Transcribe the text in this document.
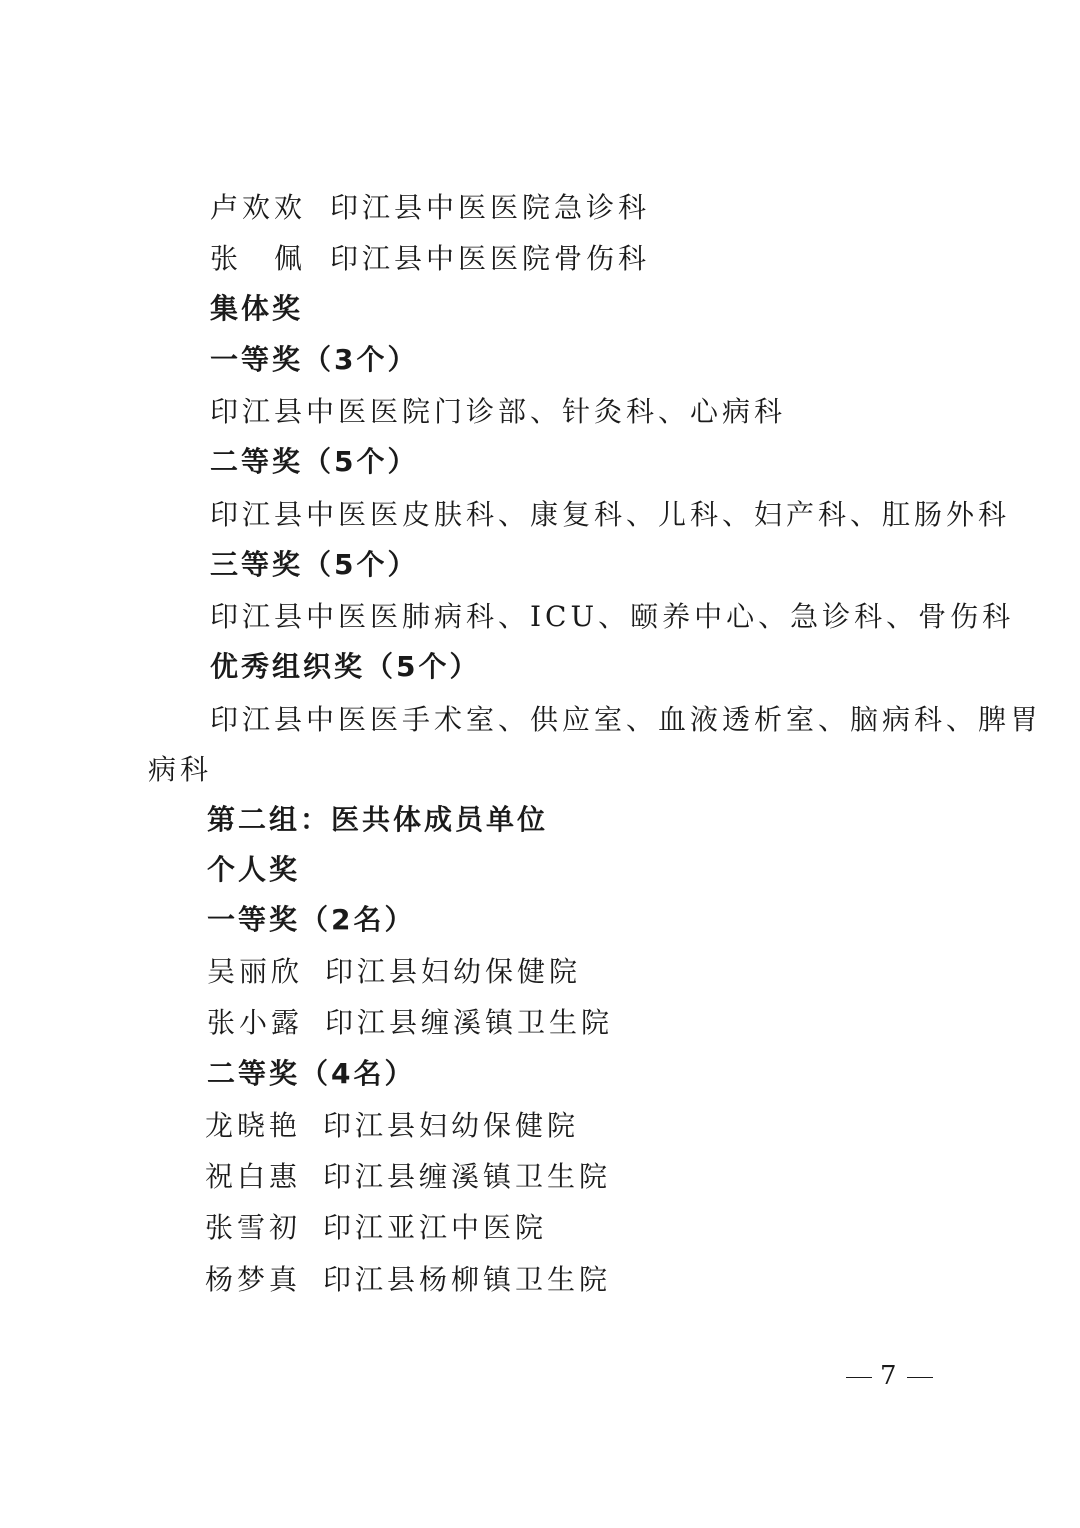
卢欢欢 印江县中医医院急诊科
张　佩 印江县中医医院骨伤科
集体奖
一等奖（3个）
印江县中医医院门诊部、针灸科、心病科
二等奖（5个）
印江县中医医皮肤科、康复科、儿科、妇产科、肛肠外科
三等奖（5个）
印江县中医医肺病科、ICU、颐养中心、急诊科、骨伤科
优秀组织奖（5个）
印江县中医医手术室、供应室、血液透析室、脑病科、脾胃
病科
第二组：医共体成员单位
个人奖
一等奖（2名）
吴丽欣 印江县妇幼保健院
张小露 印江县缠溪镇卫生院
二等奖（4名）
龙晓艳 印江县妇幼保健院
祝白惠 印江县缠溪镇卫生院
张雪初 印江亚江中医院
杨梦真 印江县杨柳镇卫生院
7
